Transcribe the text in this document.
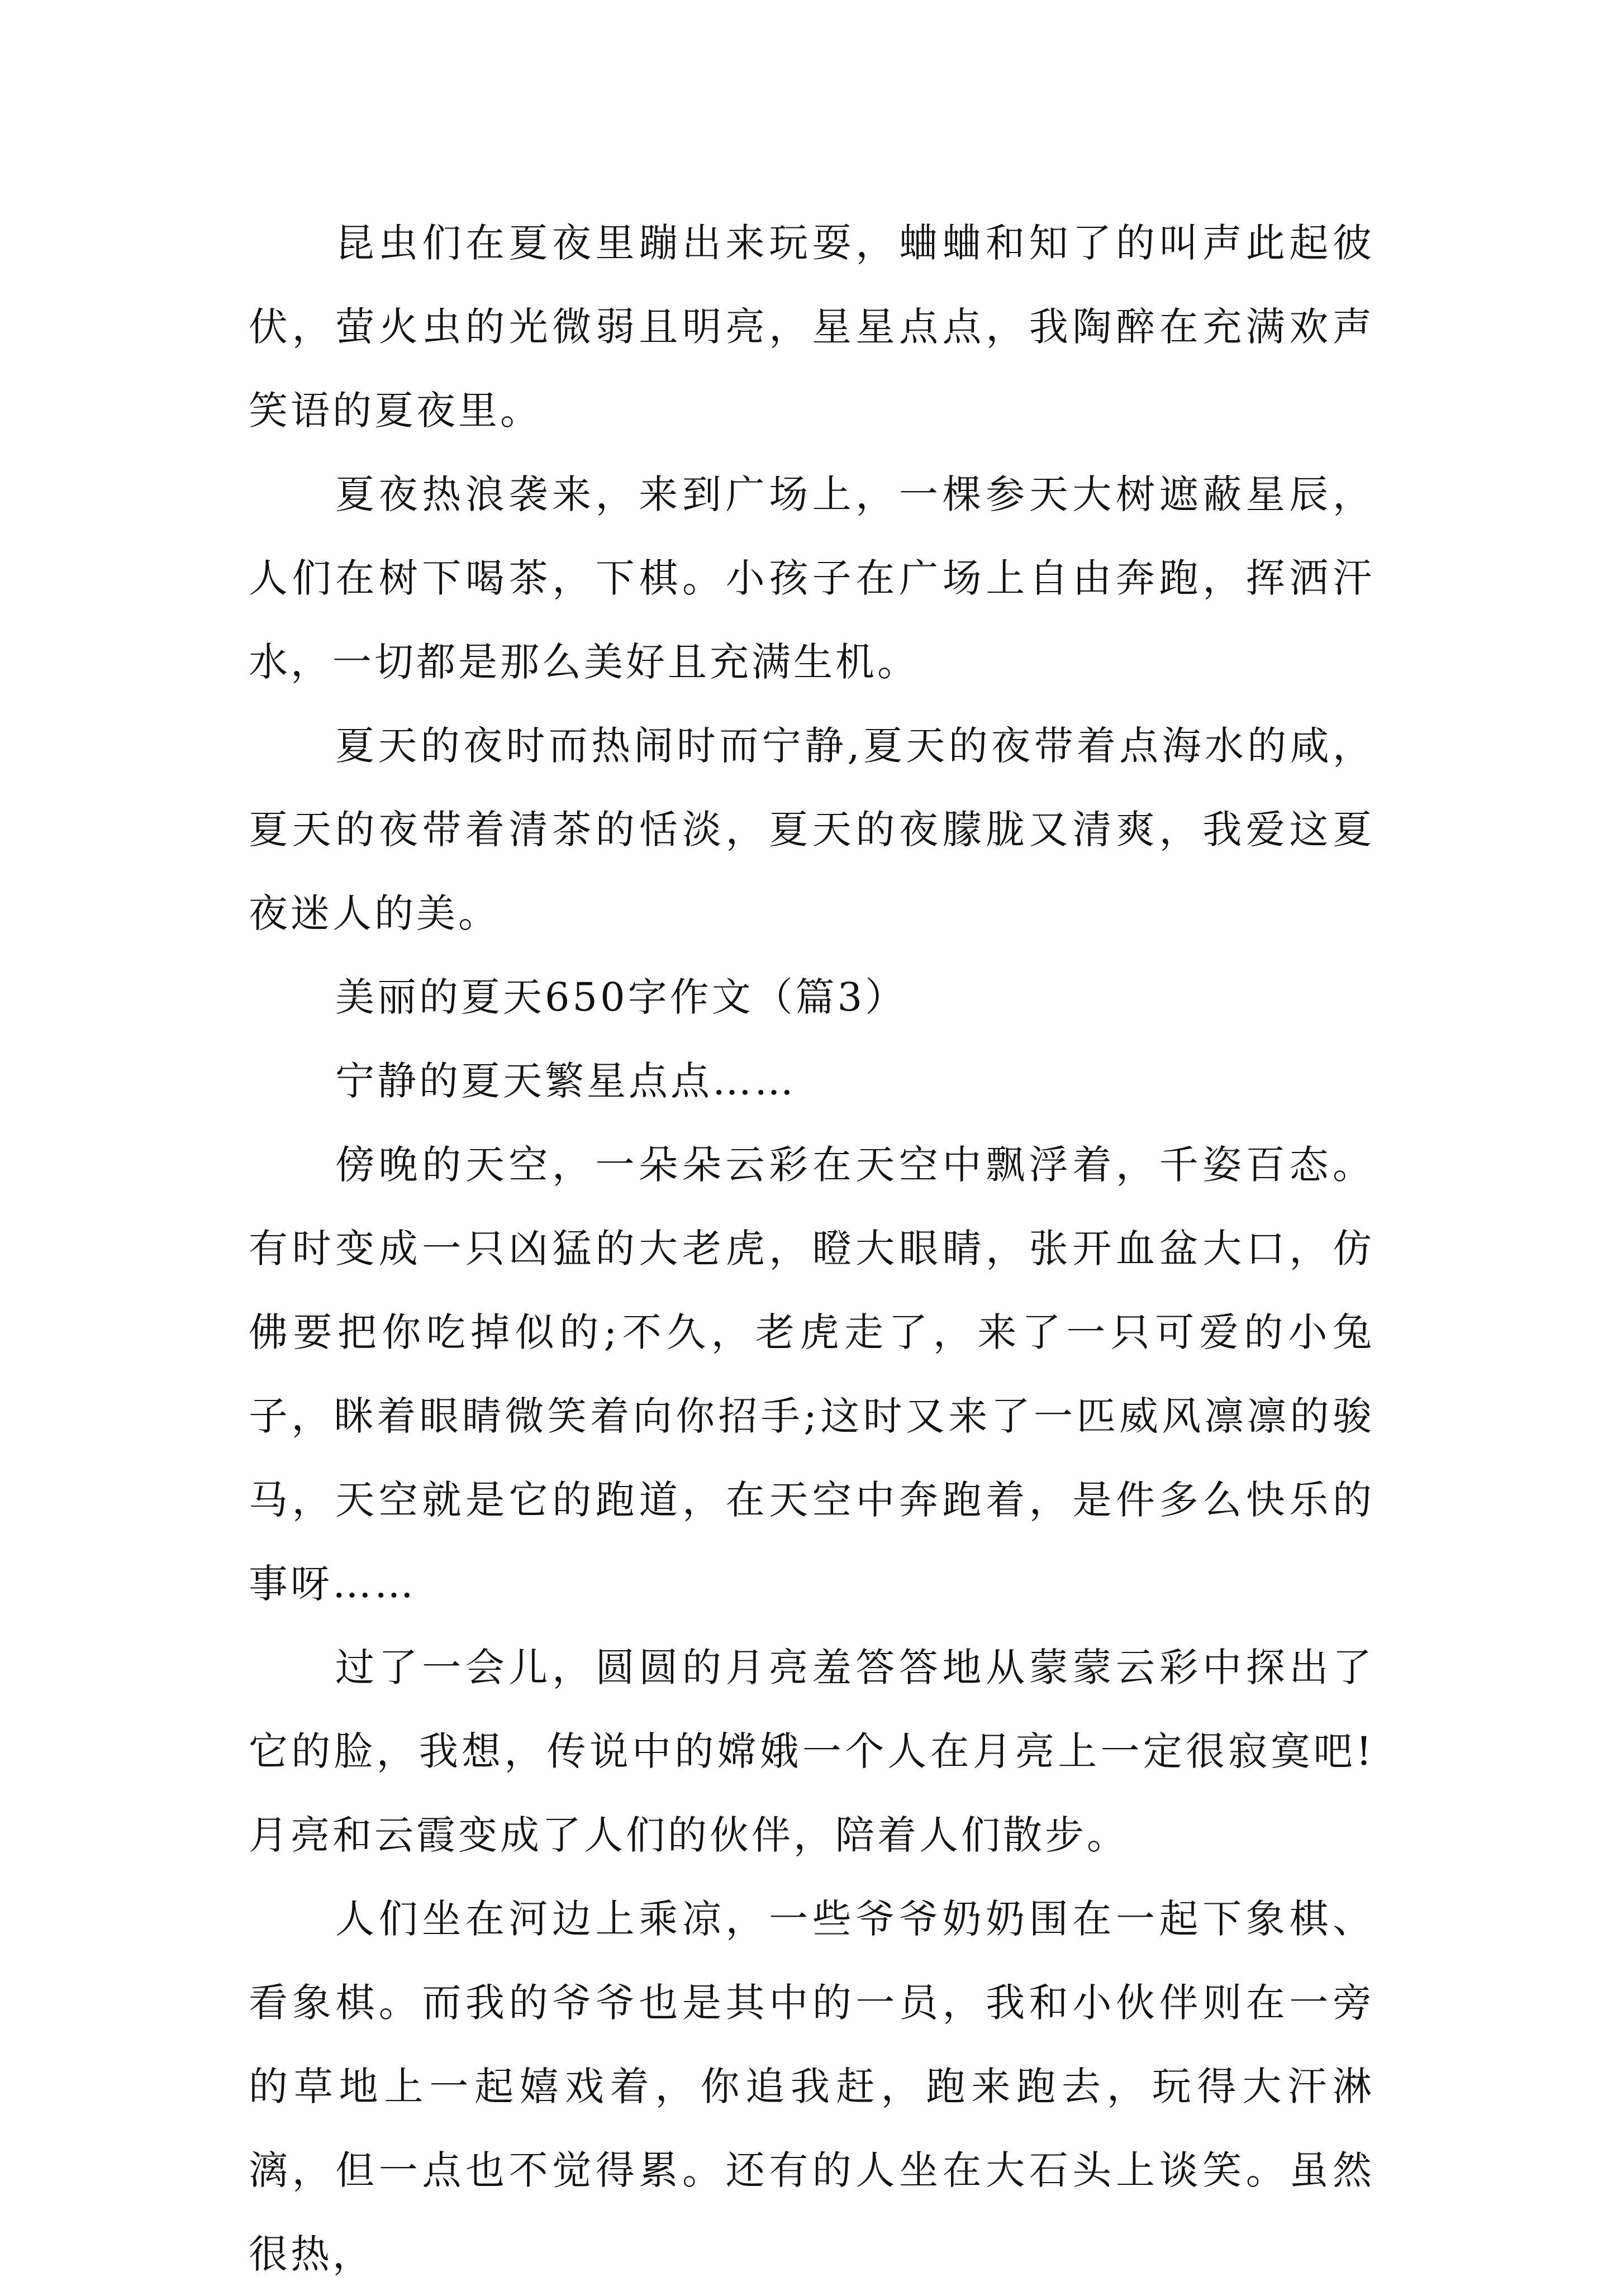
昆虫们在夏夜里蹦出来玩耍，蛐蛐和知了的叫声此起彼伏，萤火虫的光微弱且明亮，星星点点，我陶醉在充满欢声笑语的夏夜里。

夏夜热浪袭来，来到广场上，一棵参天大树遮蔽星辰，人们在树下喝茶，下棋。小孩子在广场上自由奔跑，挥洒汗水，一切都是那么美好且充满生机。

夏天的夜时而热闹时而宁静,夏天的夜带着点海水的咸，夏天的夜带着清茶的恬淡，夏天的夜朦胧又清爽，我爱这夏夜迷人的美。

美丽的夏天650字作文（篇3）

宁静的夏天繁星点点……

傍晚的天空，一朵朵云彩在天空中飘浮着，千姿百态。有时变成一只凶猛的大老虎，瞪大眼睛，张开血盆大口，仿佛要把你吃掉似的;不久，老虎走了，来了一只可爱的小兔子，眯着眼睛微笑着向你招手;这时又来了一匹威风凛凛的骏马，天空就是它的跑道，在天空中奔跑着，是件多么快乐的事呀……

过了一会儿，圆圆的月亮羞答答地从蒙蒙云彩中探出了它的脸，我想，传说中的嫦娥一个人在月亮上一定很寂寞吧!月亮和云霞变成了人们的伙伴，陪着人们散步。

人们坐在河边上乘凉，一些爷爷奶奶围在一起下象棋、看象棋。而我的爷爷也是其中的一员，我和小伙伴则在一旁的草地上一起嬉戏着，你追我赶，跑来跑去，玩得大汗淋漓，但一点也不觉得累。还有的人坐在大石头上谈笑。虽然很热，
